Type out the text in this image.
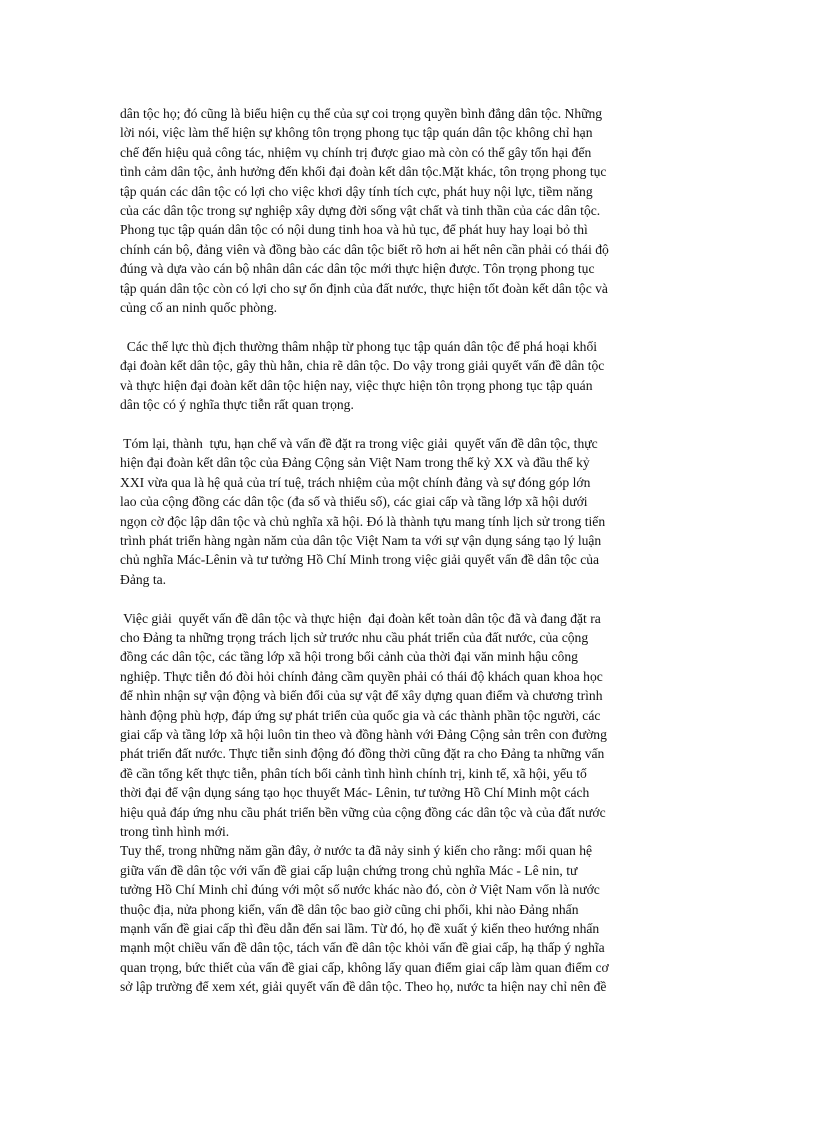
dân tộc họ; đó cũng là biểu hiện cụ thể của sự coi trọng quyền bình đẳng dân tộc. Những
lời nói, việc làm thể hiện sự không tôn trọng phong tục tập quán dân tộc không chỉ hạn
chế đến hiệu quả công tác, nhiệm vụ chính trị được giao mà còn có thể gây tổn hại đến
tình cảm dân tộc, ảnh hưởng đến khối đại đoàn kết dân tộc.Mặt khác, tôn trọng phong tục
tập quán các dân tộc có lợi cho việc khơi dậy tính tích cực, phát huy nội lực, tiềm năng
của các dân tộc trong sự nghiệp xây dựng đời sống vật chất và tinh thần của các dân tộc.
Phong tục tập quán dân tộc có nội dung tinh hoa và hủ tục, để phát huy hay loại bỏ thì
chính cán bộ, đảng viên và đồng bào các dân tộc biết rõ hơn ai hết nên cần phải có thái độ
đúng và dựa vào cán bộ nhân dân các dân tộc mới thực hiện được. Tôn trọng phong tục
tập quán dân tộc còn có lợi cho sự ổn định của đất nước, thực hiện tốt đoàn kết dân tộc và
củng cố an ninh quốc phòng.

Các thế lực thù địch thường thâm nhập từ phong tục tập quán dân tộc để phá hoại khối
đại đoàn kết dân tộc, gây thù hằn, chia rẽ dân tộc. Do vậy trong giải quyết vấn đề dân tộc
và thực hiện đại đoàn kết dân tộc hiện nay, việc thực hiện tôn trọng phong tục tập quán
dân tộc có ý nghĩa thực tiễn rất quan trọng.

Tóm lại, thành  tựu, hạn chế và vấn đề đặt ra trong việc giải  quyết vấn đề dân tộc, thực
hiện đại đoàn kết dân tộc của Đảng Cộng sản Việt Nam trong thế kỷ XX và đầu thế kỷ
XXI vừa qua là hệ quả của trí tuệ, trách nhiệm của một chính đảng và sự đóng góp lớn
lao của cộng đồng các dân tộc (đa số và thiểu số), các giai cấp và tầng lớp xã hội dưới
ngọn cờ độc lập dân tộc và chủ nghĩa xã hội. Đó là thành tựu mang tính lịch sử trong tiến
trình phát triển hàng ngàn năm của dân tộc Việt Nam ta với sự vận dụng sáng tạo lý luận
chủ nghĩa Mác-Lênin và tư tưởng Hồ Chí Minh trong việc giải quyết vấn đề dân tộc của
Đảng ta.

Việc giải  quyết vấn đề dân tộc và thực hiện  đại đoàn kết toàn dân tộc đã và đang đặt ra
cho Đảng ta những trọng trách lịch sử trước nhu cầu phát triển của đất nước, của cộng
đồng các dân tộc, các tầng lớp xã hội trong bối cảnh của thời đại văn minh hậu công
nghiệp. Thực tiễn đó đòi hỏi chính đảng cầm quyền phải có thái độ khách quan khoa học
để nhìn nhận sự vận động và biến đổi của sự vật để xây dựng quan điểm và chương trình
hành động phù hợp, đáp ứng sự phát triển của quốc gia và các thành phần tộc người, các
giai cấp và tầng lớp xã hội luôn tin theo và đồng hành với Đảng Cộng sản trên con đường
phát triển đất nước. Thực tiễn sinh động đó đồng thời cũng đặt ra cho Đảng ta những vấn
đề cần tổng kết thực tiễn, phân tích bối cảnh tình hình chính trị, kinh tế, xã hội, yếu tố
thời đại để vận dụng sáng tạo học thuyết Mác- Lênin, tư tưởng Hồ Chí Minh một cách
hiệu quả đáp ứng nhu cầu phát triển bền vững của cộng đồng các dân tộc và của đất nước
trong tình hình mới.

Tuy thế, trong những năm gần đây, ở nước ta đã nảy sinh ý kiến cho rằng: mối quan hệ
giữa vấn đề dân tộc với vấn đề giai cấp luận chứng trong chủ nghĩa Mác - Lê nin, tư
tưởng Hồ Chí Minh chỉ đúng với một số nước khác nào đó, còn ở Việt Nam vốn là nước
thuộc địa, nửa phong kiến, vấn đề dân tộc bao giờ cũng chi phối, khi nào Đảng nhấn
mạnh vấn đề giai cấp thì đều dẫn đến sai lầm. Từ đó, họ đề xuất ý kiến theo hướng nhấn
mạnh một chiều vấn đề dân tộc, tách vấn đề dân tộc khỏi vấn đề giai cấp, hạ thấp ý nghĩa
quan trọng, bức thiết của vấn đề giai cấp, không lấy quan điểm giai cấp làm quan điểm cơ
sở lập trường để xem xét, giải quyết vấn đề dân tộc. Theo họ, nước ta hiện nay chỉ nên đề
